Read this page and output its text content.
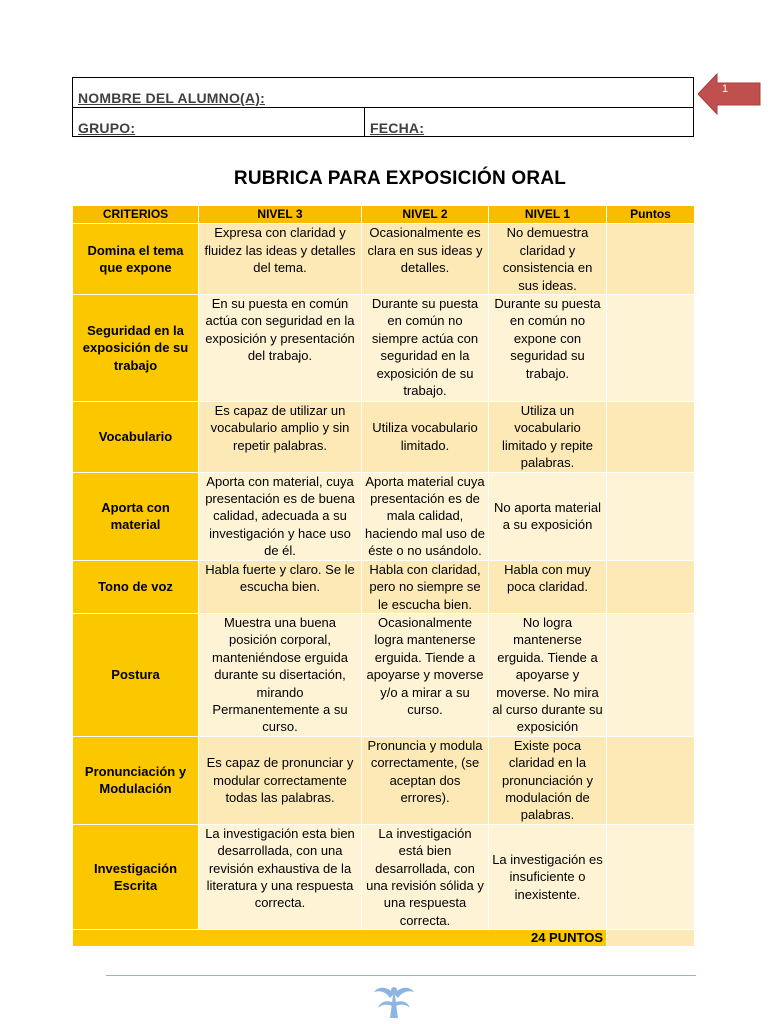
NOMBRE DEL ALUMNO(A):
GRUPO:	FECHA:
1
RUBRICA PARA EXPOSICIÓN ORAL
CRITERIOS	NIVEL 3	NIVEL 2	NIVEL 1	Puntos
Domina el tema que expone	Expresa con claridad y fluidez las ideas y detalles del tema.	Ocasionalmente es clara en sus ideas y detalles.	No demuestra claridad y consistencia en sus ideas.	
Seguridad en la exposición de su trabajo	En su puesta en común actúa con seguridad en la exposición y presentación del trabajo.	Durante su puesta en común no siempre actúa con seguridad en la exposición de su trabajo.	Durante su puesta en común no expone con seguridad su trabajo.	
Vocabulario	Es capaz de utilizar un vocabulario amplio y sin repetir palabras.	Utiliza vocabulario limitado.	Utiliza un vocabulario limitado y repite palabras.	
Aporta con material	Aporta con material, cuya presentación es de buena calidad, adecuada a su investigación y hace uso de él.	Aporta material cuya presentación es de mala calidad, haciendo mal uso de éste o no usándolo.	No aporta material a su exposición	
Tono de voz	Habla fuerte y claro. Se le escucha bien.	Habla con claridad, pero no siempre se le escucha bien.	Habla con muy poca claridad.	
Postura	Muestra una buena posición corporal, manteniéndose erguida durante su disertación, mirando Permanentemente a su curso.	Ocasionalmente logra mantenerse erguida. Tiende a apoyarse y moverse y/o a mirar a su curso.	No logra mantenerse erguida. Tiende a apoyarse y moverse. No mira al curso durante su exposición	
Pronunciación y Modulación	Es capaz de pronunciar y modular correctamente todas las palabras.	Pronuncia y modula correctamente, (se aceptan dos errores).	Existe poca claridad en la pronunciación y modulación de palabras.	
Investigación Escrita	La investigación esta bien desarrollada, con una revisión exhaustiva de la literatura y una respuesta correcta.	La investigación está bien desarrollada, con una revisión sólida y una respuesta correcta.	La investigación es insuficiente o inexistente.	
24 PUNTOS				
